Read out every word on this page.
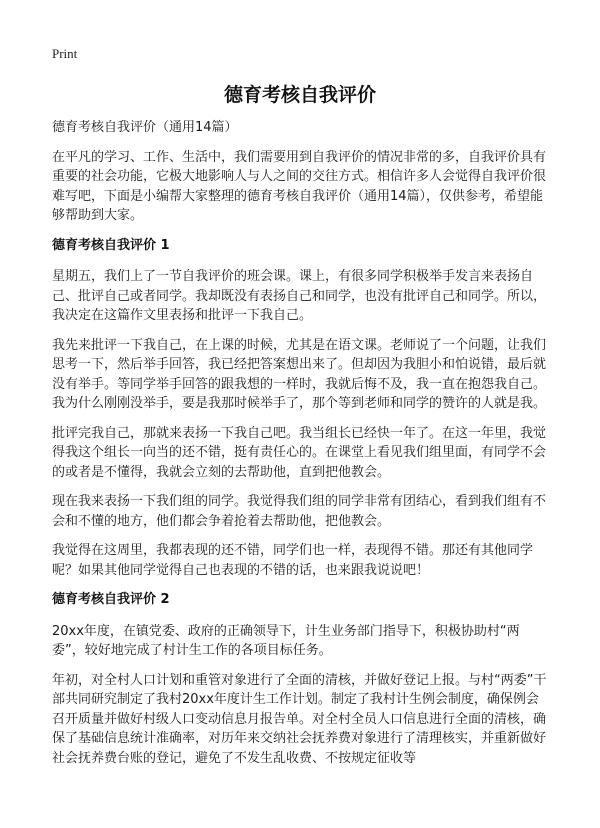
Print
德育考核自我评价

德育考核自我评价（通用14篇）

在平凡的学习、工作、生活中，我们需要用到自我评价的情况非常的多，自我评价具有重要的社会功能，它极大地影响人与人之间的交往方式。相信许多人会觉得自我评价很难写吧，下面是小编帮大家整理的德育考核自我评价（通用14篇），仅供参考，希望能够帮助到大家。

德育考核自我评价 1

星期五，我们上了一节自我评价的班会课。课上，有很多同学积极举手发言来表扬自己、批评自己或者同学。我却既没有表扬自己和同学，也没有批评自己和同学。所以，我决定在这篇作文里表扬和批评一下我自己。

我先来批评一下我自己，在上课的时候，尤其是在语文课。老师说了一个问题，让我们思考一下，然后举手回答，我已经把答案想出来了。但却因为我胆小和怕说错，最后就没有举手。等同学举手回答的跟我想的一样时，我就后悔不及，我一直在抱怨我自己。我为什么刚刚没举手，要是我那时候举手了，那个等到老师和同学的赞许的人就是我。

批评完我自己，那就来表扬一下我自己吧。我当组长已经快一年了。在这一年里，我觉得我这个组长一向当的还不错，挺有责任心的。在课堂上看见我们组里面，有同学不会的或者是不懂得，我就会立刻的去帮助他，直到把他教会。

现在我来表扬一下我们组的同学。我觉得我们组的同学非常有团结心，看到我们组有不会和不懂的地方，他们都会争着抢着去帮助他，把他教会。

我觉得在这周里，我都表现的还不错，同学们也一样，表现得不错。那还有其他同学呢？如果其他同学觉得自己也表现的不错的话，也来跟我说说吧！

德育考核自我评价 2

20xx年度，在镇党委、政府的正确领导下，计生业务部门指导下，积极协助村“两委”，较好地完成了村计生工作的各项目标任务。

年初，对全村人口计划和重管对象进行了全面的清核，并做好登记上报。与村“两委”干部共同研究制定了我村20xx年度计生工作计划。制定了我村计生例会制度，确保例会召开质量并做好村级人口变动信息月报告单。对全村全员人口信息进行全面的清核，确保了基础信息统计准确率，对历年来交纳社会抚养费对象进行了清理核实，并重新做好社会抚养费台账的登记，避免了不发生乱收费、不按规定征收等
